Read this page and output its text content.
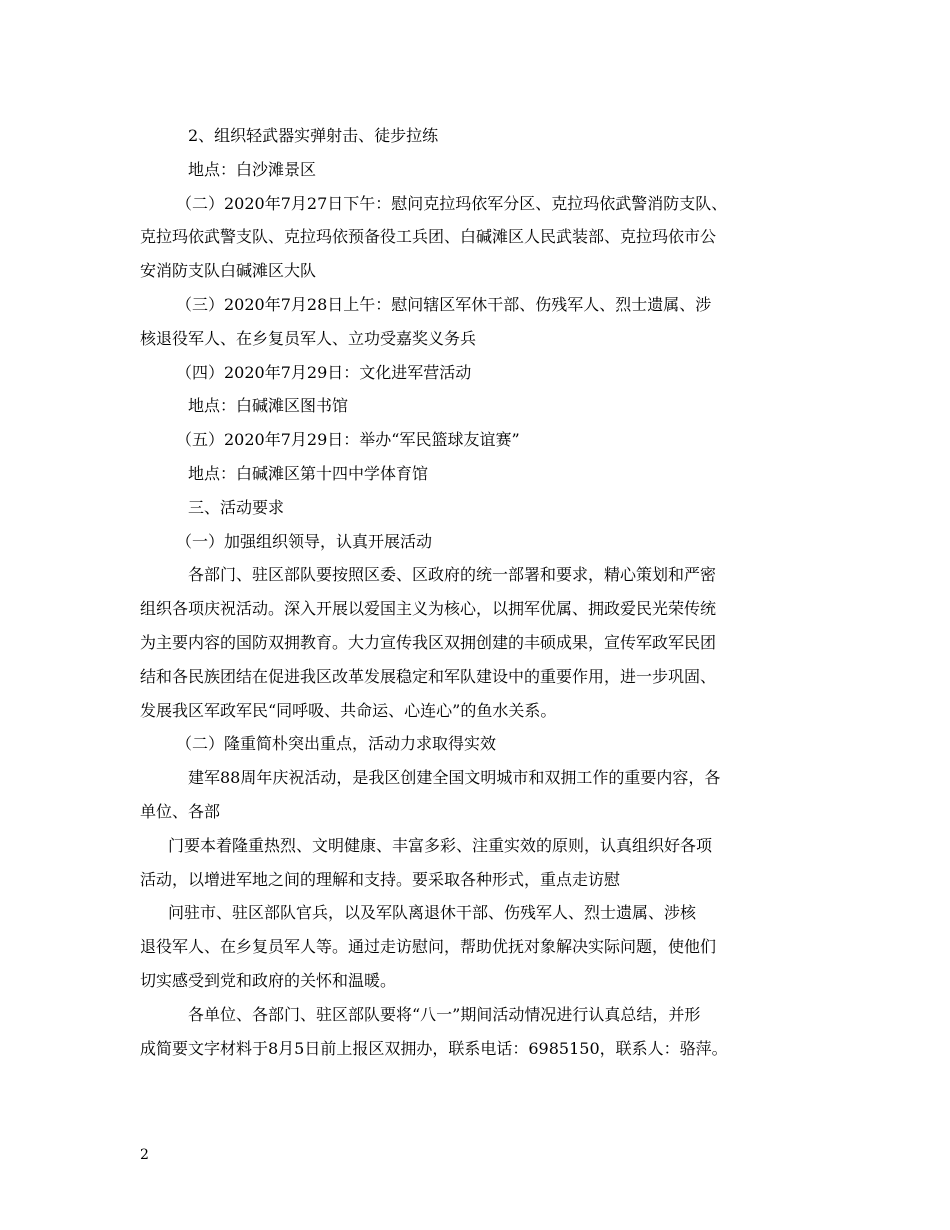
2、组织轻武器实弹射击、徒步拉练
地点：白沙滩景区
（二）2020年7月27日下午：慰问克拉玛依军分区、克拉玛依武警消防支队、
克拉玛依武警支队、克拉玛依预备役工兵团、白碱滩区人民武装部、克拉玛依市公
安消防支队白碱滩区大队
（三）2020年7月28日上午：慰问辖区军休干部、伤残军人、烈士遗属、涉
核退役军人、在乡复员军人、立功受嘉奖义务兵
（四）2020年7月29日：文化进军营活动
地点：白碱滩区图书馆
（五）2020年7月29日：举办“军民篮球友谊赛”
地点：白碱滩区第十四中学体育馆
三、活动要求
（一）加强组织领导，认真开展活动
各部门、驻区部队要按照区委、区政府的统一部署和要求，精心策划和严密
组织各项庆祝活动。深入开展以爱国主义为核心，以拥军优属、拥政爱民光荣传统
为主要内容的国防双拥教育。大力宣传我区双拥创建的丰硕成果，宣传军政军民团
结和各民族团结在促进我区改革发展稳定和军队建设中的重要作用，进一步巩固、
发展我区军政军民“同呼吸、共命运、心连心”的鱼水关系。
（二）隆重简朴突出重点，活动力求取得实效
建军88周年庆祝活动，是我区创建全国文明城市和双拥工作的重要内容，各
单位、各部
门要本着隆重热烈、文明健康、丰富多彩、注重实效的原则，认真组织好各项
活动，以增进军地之间的理解和支持。要采取各种形式，重点走访慰
问驻市、驻区部队官兵，以及军队离退休干部、伤残军人、烈士遗属、涉核
退役军人、在乡复员军人等。通过走访慰问，帮助优抚对象解决实际问题，使他们
切实感受到党和政府的关怀和温暖。
各单位、各部门、驻区部队要将“八一”期间活动情况进行认真总结，并形
成简要文字材料于8月5日前上报区双拥办，联系电话：6985150，联系人：骆萍。
2
